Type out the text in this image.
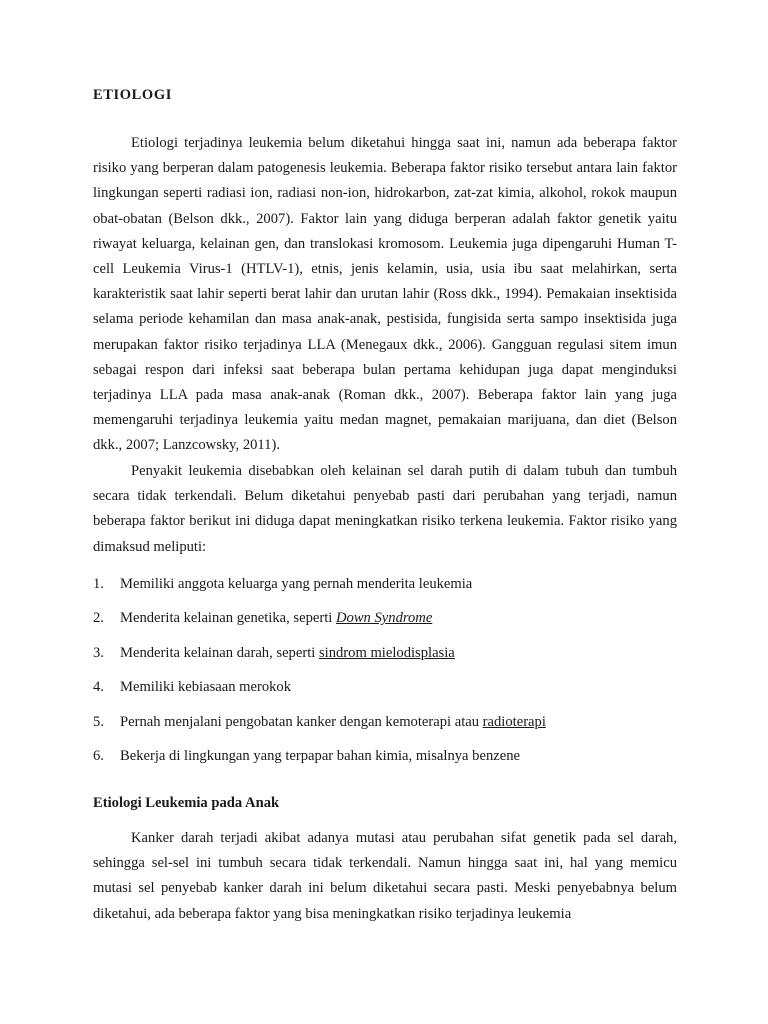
ETIOLOGI

Etiologi terjadinya leukemia belum diketahui hingga saat ini, namun ada beberapa faktor risiko yang berperan dalam patogenesis leukemia. Beberapa faktor risiko tersebut antara lain faktor lingkungan seperti radiasi ion, radiasi non-ion, hidrokarbon, zat-zat kimia, alkohol, rokok maupun obat-obatan (Belson dkk., 2007). Faktor lain yang diduga berperan adalah faktor genetik yaitu riwayat keluarga, kelainan gen, dan translokasi kromosom. Leukemia juga dipengaruhi Human T-cell Leukemia Virus-1 (HTLV-1), etnis, jenis kelamin, usia, usia ibu saat melahirkan, serta karakteristik saat lahir seperti berat lahir dan urutan lahir (Ross dkk., 1994). Pemakaian insektisida selama periode kehamilan dan masa anak-anak, pestisida, fungisida serta sampo insektisida juga merupakan faktor risiko terjadinya LLA (Menegaux dkk., 2006). Gangguan regulasi sitem imun sebagai respon dari infeksi saat beberapa bulan pertama kehidupan juga dapat menginduksi terjadinya LLA pada masa anak-anak (Roman dkk., 2007). Beberapa faktor lain yang juga memengaruhi terjadinya leukemia yaitu medan magnet, pemakaian marijuana, dan diet (Belson dkk., 2007; Lanzcowsky, 2011).

Penyakit leukemia disebabkan oleh kelainan sel darah putih di dalam tubuh dan tumbuh secara tidak terkendali. Belum diketahui penyebab pasti dari perubahan yang terjadi, namun beberapa faktor berikut ini diduga dapat meningkatkan risiko terkena leukemia. Faktor risiko yang dimaksud meliputi:

1. Memiliki anggota keluarga yang pernah menderita leukemia
2. Menderita kelainan genetika, seperti Down Syndrome
3. Menderita kelainan darah, seperti sindrom mielodisplasia
4. Memiliki kebiasaan merokok
5. Pernah menjalani pengobatan kanker dengan kemoterapi atau radioterapi
6. Bekerja di lingkungan yang terpapar bahan kimia, misalnya benzene
Etiologi Leukemia pada Anak

Kanker darah terjadi akibat adanya mutasi atau perubahan sifat genetik pada sel darah, sehingga sel-sel ini tumbuh secara tidak terkendali. Namun hingga saat ini, hal yang memicu mutasi sel penyebab kanker darah ini belum diketahui secara pasti. Meski penyebabnya belum diketahui, ada beberapa faktor yang bisa meningkatkan risiko terjadinya leukemia
